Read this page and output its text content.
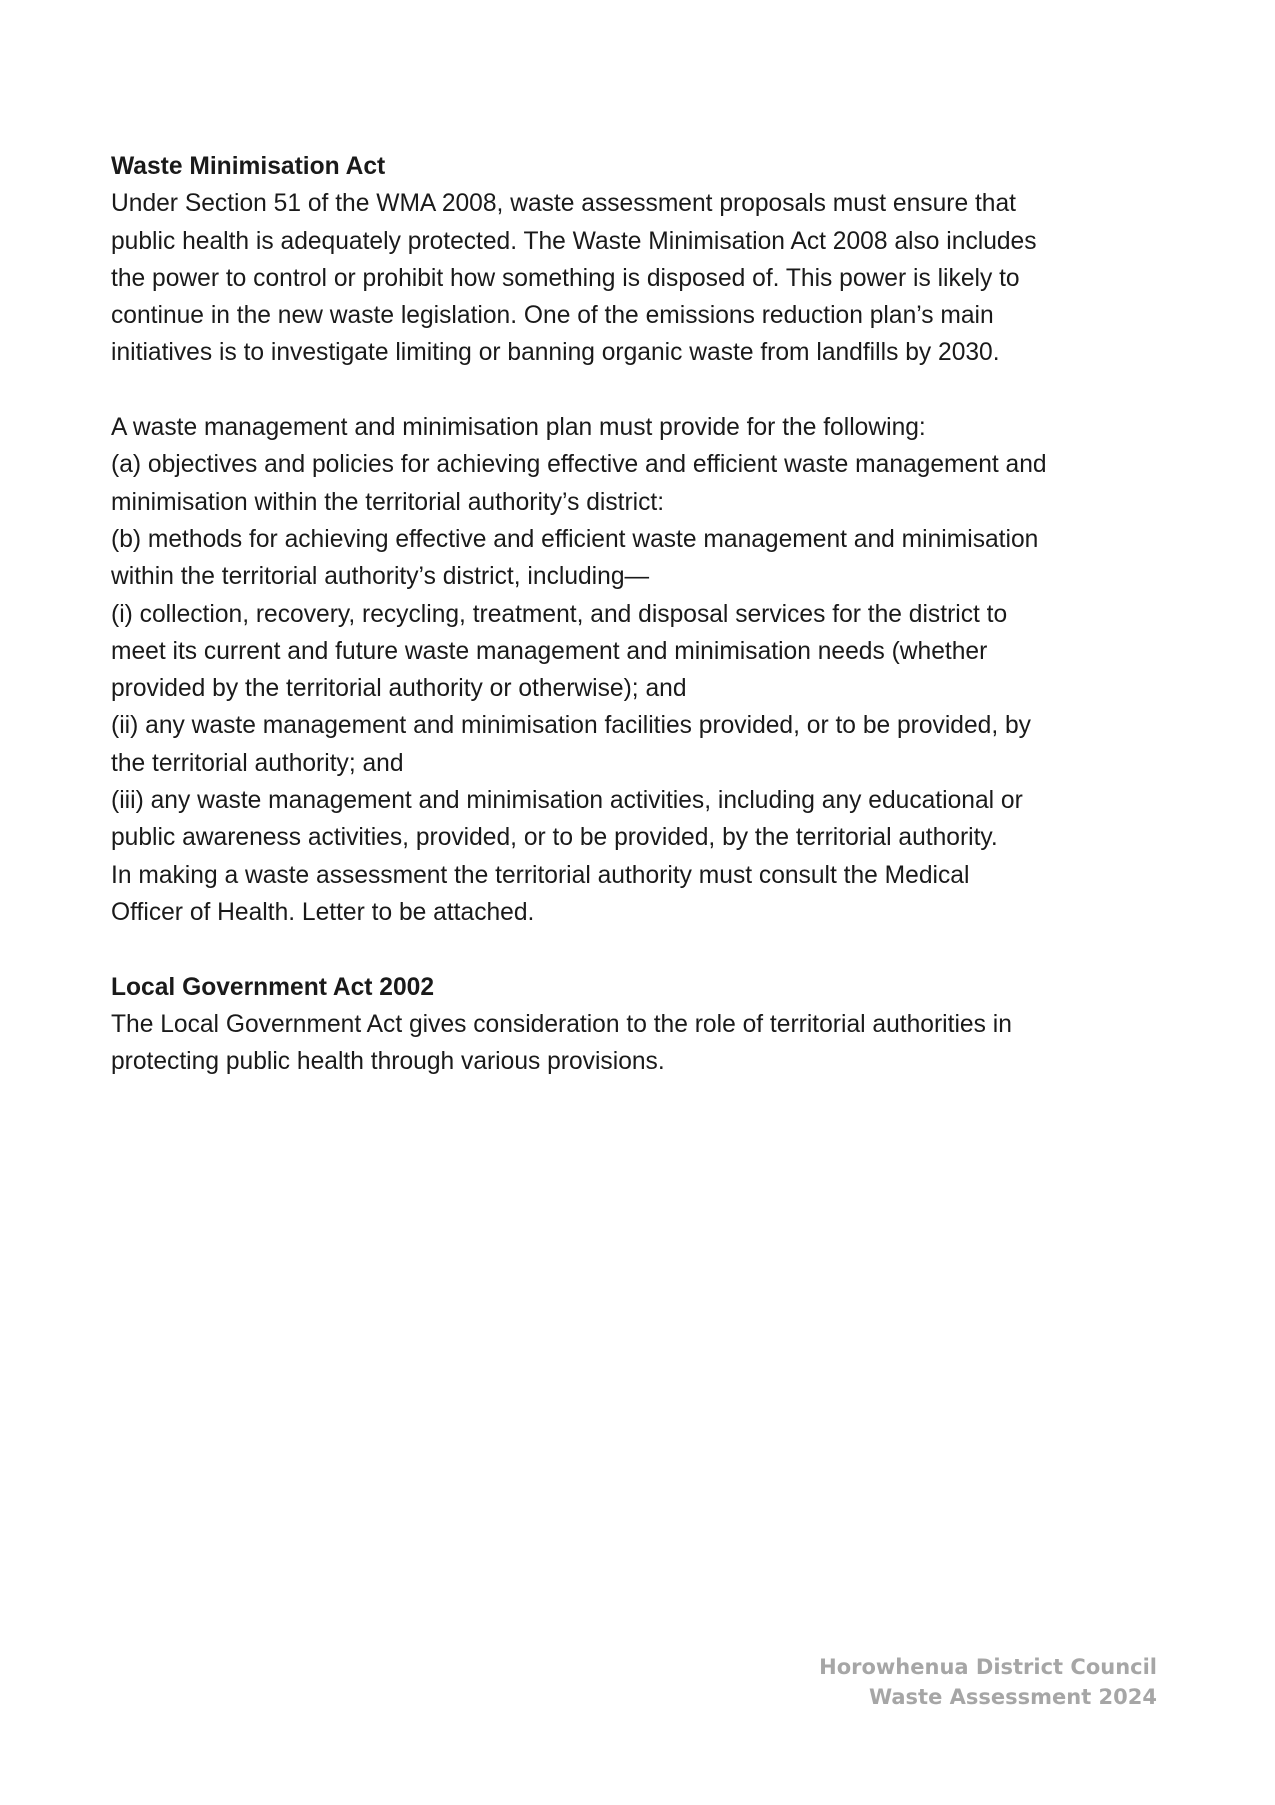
Waste Minimisation Act

Under Section 51 of the WMA 2008, waste assessment proposals must ensure that
public health is adequately protected. The Waste Minimisation Act 2008 also includes
the power to control or prohibit how something is disposed of. This power is likely to
continue in the new waste legislation. One of the emissions reduction plan’s main
initiatives is to investigate limiting or banning organic waste from landfills by 2030.

A waste management and minimisation plan must provide for the following:
(a) objectives and policies for achieving effective and efficient waste management and
minimisation within the territorial authority’s district:
(b) methods for achieving effective and efficient waste management and minimisation
within the territorial authority’s district, including—
(i) collection, recovery, recycling, treatment, and disposal services for the district to
meet its current and future waste management and minimisation needs (whether
provided by the territorial authority or otherwise); and
(ii) any waste management and minimisation facilities provided, or to be provided, by
the territorial authority; and
(iii) any waste management and minimisation activities, including any educational or
public awareness activities, provided, or to be provided, by the territorial authority.
In making a waste assessment the territorial authority must consult the Medical
Officer of Health. Letter to be attached.

Local Government Act 2002

The Local Government Act gives consideration to the role of territorial authorities in
protecting public health through various provisions.

Horowhenua District Council
Waste Assessment 2024
